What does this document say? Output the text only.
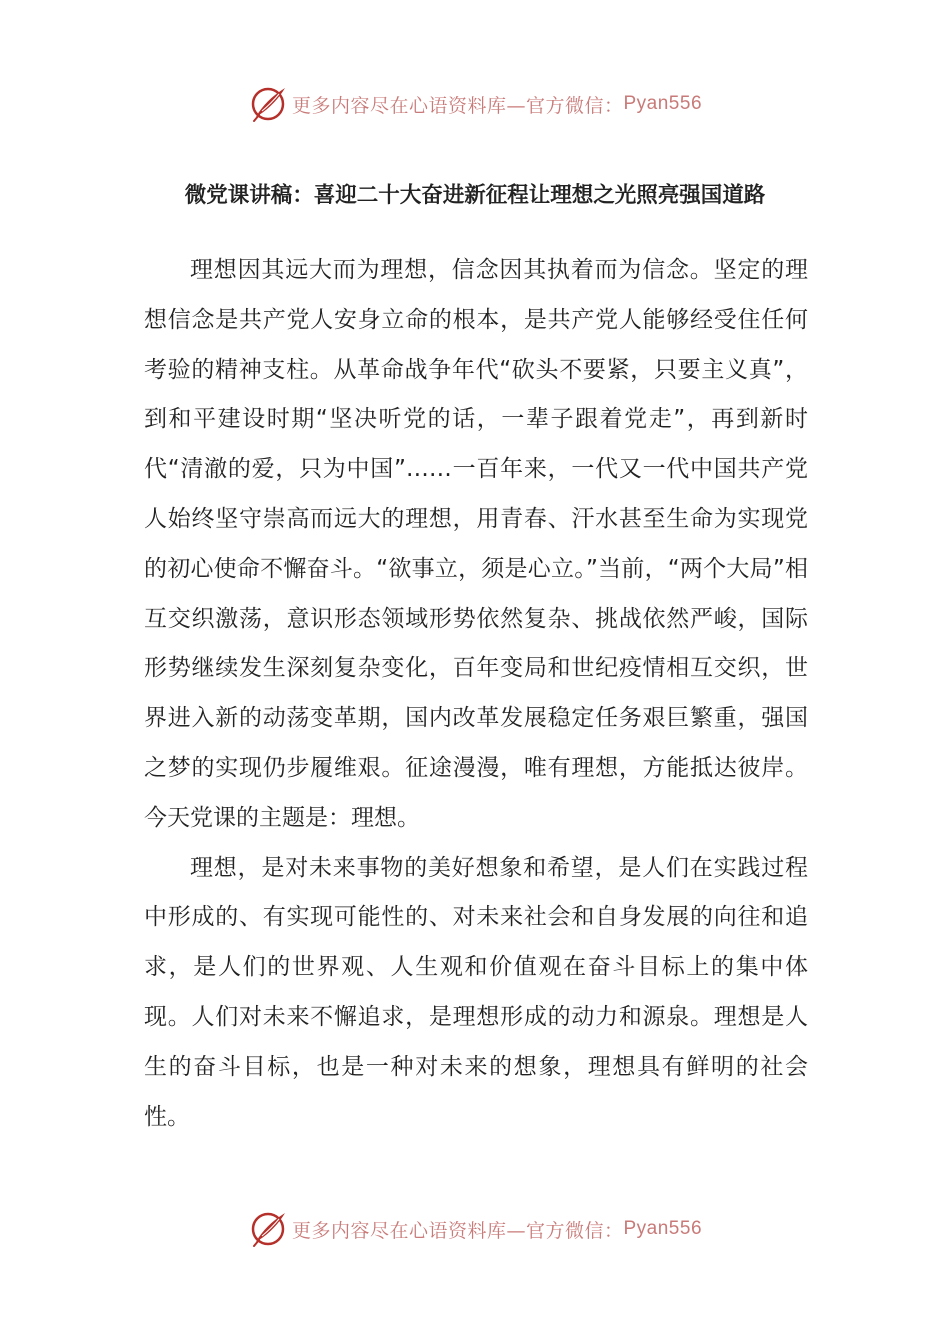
更多内容尽在心语资料库—官方微信： Pyan556
微党课讲稿：喜迎二十大奋进新征程让理想之光照亮强国道路

理想因其远大而为理想，信念因其执着而为信念。坚定的理想信念是共产党人安身立命的根本，是共产党人能够经受住任何考验的精神支柱。从革命战争年代“砍头不要紧，只要主义真”，到和平建设时期“坚决听党的话，一辈子跟着党走”，再到新时代“清澈的爱，只为中国”……一百年来，一代又一代中国共产党人始终坚守崇高而远大的理想，用青春、汗水甚至生命为实现党的初心使命不懈奋斗。“欲事立，须是心立。”当前，“两个大局”相互交织激荡，意识形态领域形势依然复杂、挑战依然严峻，国际形势继续发生深刻复杂变化，百年变局和世纪疫情相互交织，世界进入新的动荡变革期，国内改革发展稳定任务艰巨繁重，强国之梦的实现仍步履维艰。征途漫漫，唯有理想，方能抵达彼岸。今天党课的主题是：理想。

理想，是对未来事物的美好想象和希望，是人们在实践过程中形成的、有实现可能性的、对未来社会和自身发展的向往和追求，是人们的世界观、人生观和价值观在奋斗目标上的集中体现。人们对未来不懈追求，是理想形成的动力和源泉。理想是人生的奋斗目标，也是一种对未来的想象，理想具有鲜明的社会性。

更多内容尽在心语资料库—官方微信： Pyan556
